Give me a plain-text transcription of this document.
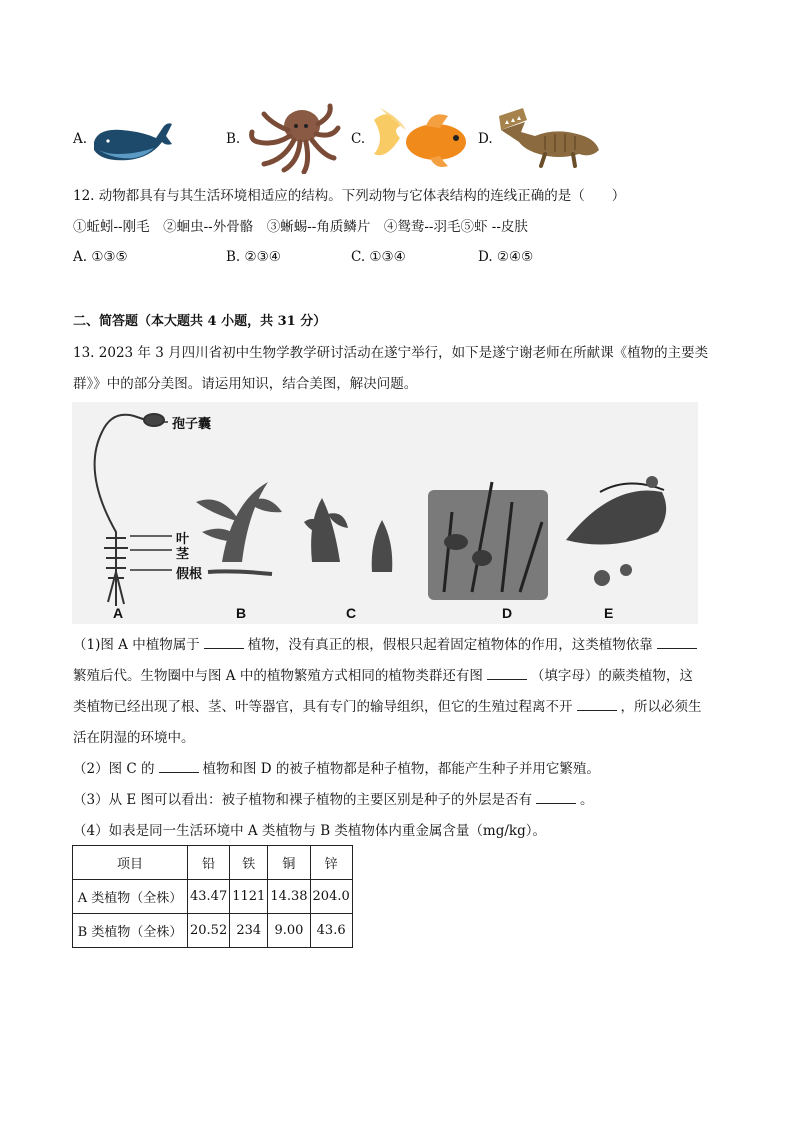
A.	B.	C.	D.
12. 动物都具有与其生活环境相适应的结构。下列动物与它体表结构的连线正确的是（　　）
①蚯蚓--刚毛　②蛔虫--外骨骼　③蜥蜴--角质鳞片　④鸳鸯--羽毛⑤虾 --皮肤
A. ①③⑤	B. ②③④	C. ①③④	D. ②④⑤
二、简答题（本大题共 4 小题，共 31 分）
13. 2023 年 3 月四川省初中生物学教学研讨活动在遂宁举行，如下是遂宁谢老师在所献课《植物的主要类
群》》中的部分美图。请运用知识，结合美图，解决问题。
孢子囊
叶
茎
假根
A	B	C	D	E
（1)图 A 中植物属于	植物，没有真正的根，假根只起着固定植物体的作用，这类植物依靠
繁殖后代。生物圈中与图 A 中的植物繁殖方式相同的植物类群还有图	（填字母）的蕨类植物，这
类植物已经出现了根、茎、叶等器官，具有专门的输导组织，但它的生殖过程离不开	，所以必须生
活在阴湿的环境中。
（2）图 C 的	植物和图 D 的被子植物都是种子植物，都能产生种子并用它繁殖。
（3）从 E 图可以看出：被子植物和裸子植物的主要区别是种子的外层是否有	。
（4）如表是同一生活环境中 A 类植物与 B 类植物体内重金属含量（mg/kg）。
项目	铅	铁	铜	锌
A 类植物（全株）	43.47	1121	14.38	204.0
B 类植物（全株）	20.52	234	9.00	43.6
